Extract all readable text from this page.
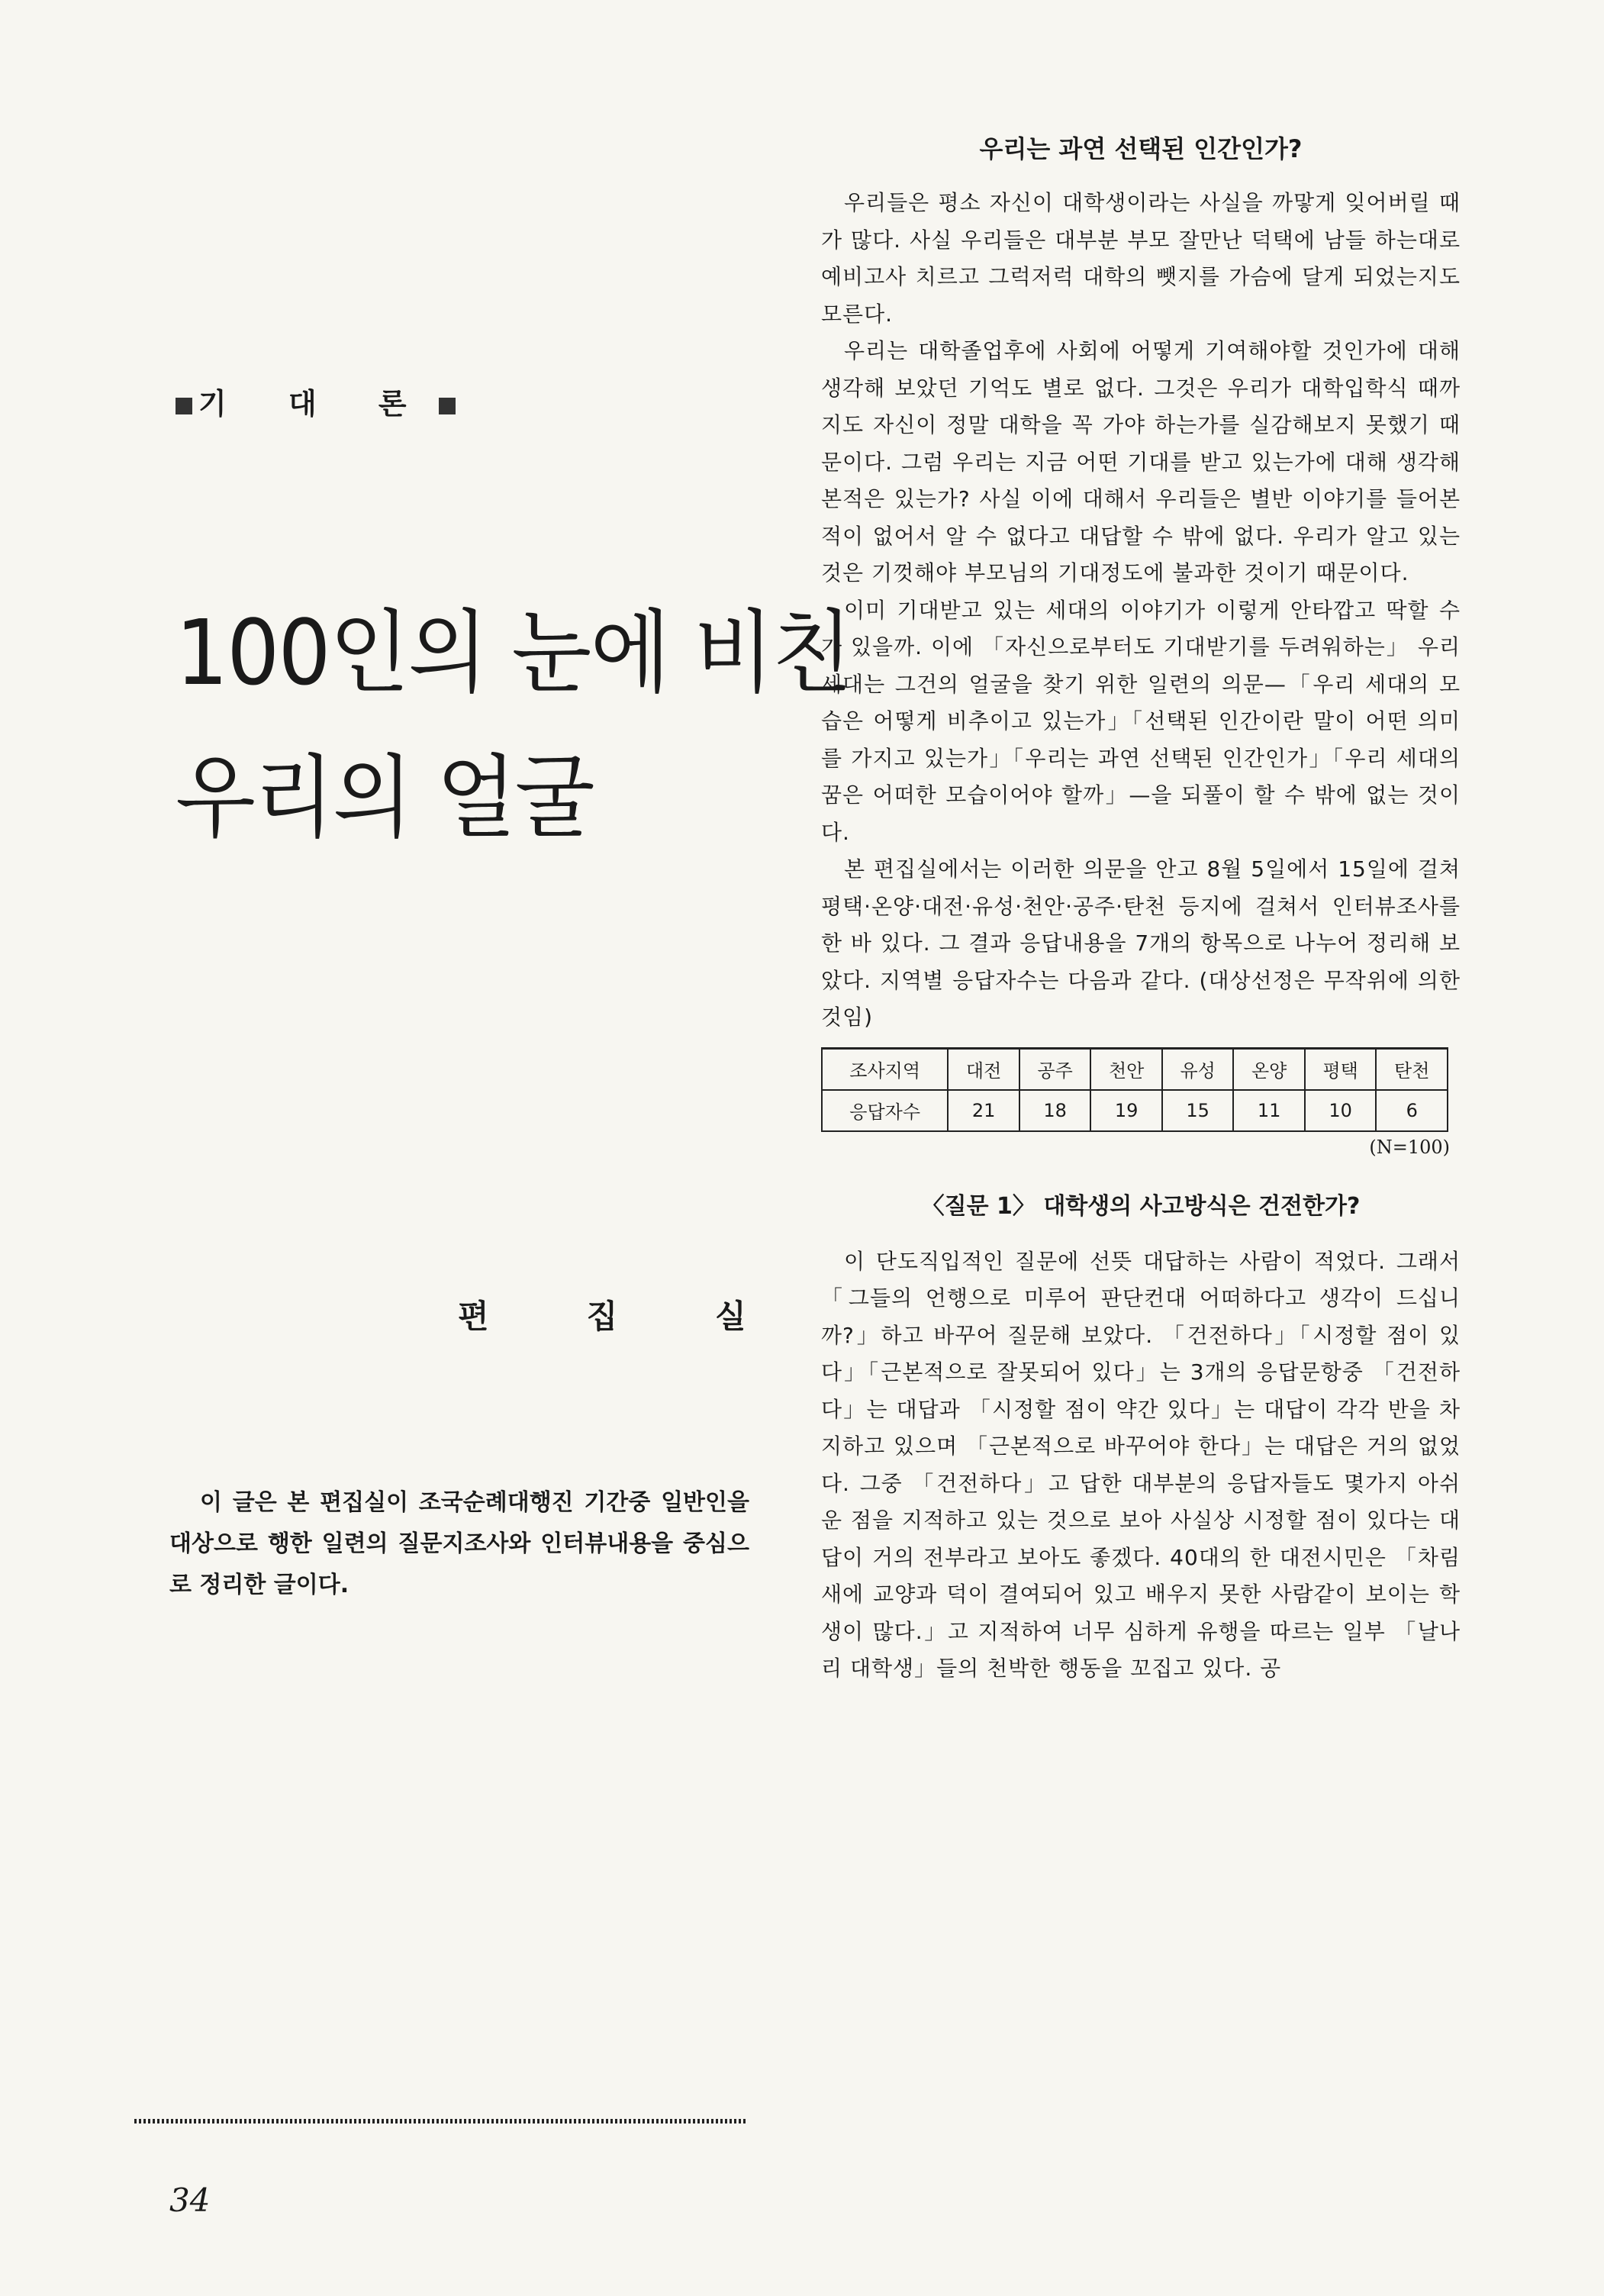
기 대 론
100인의 눈에 비친
우리의 얼굴
편	집	실

이 글은 본 편집실이 조국순례대행진 기간중 일반인을 대상으로 행한 일련의 질문지조사와 인터뷰내용을 중심으로 정리한 글이다.

34
우리는 과연 선택된 인간인가?

우리들은 평소 자신이 대학생이라는 사실을 까맣게 잊어버릴 때가 많다. 사실 우리들은 대부분 부모 잘만난 덕택에 남들 하는대로 예비고사 치르고 그럭저럭 대학의 뺏지를 가슴에 달게 되었는지도 모른다.

우리는 대학졸업후에 사회에 어떻게 기여해야할 것인가에 대해 생각해 보았던 기억도 별로 없다. 그것은 우리가 대학입학식 때까지도 자신이 정말 대학을 꼭 가야 하는가를 실감해보지 못했기 때문이다. 그럼 우리는 지금 어떤 기대를 받고 있는가에 대해 생각해 본적은 있는가? 사실 이에 대해서 우리들은 별반 이야기를 들어본 적이 없어서 알 수 없다고 대답할 수 밖에 없다. 우리가 알고 있는 것은 기껏해야 부모님의 기대정도에 불과한 것이기 때문이다.

이미 기대받고 있는 세대의 이야기가 이렇게 안타깝고 딱할 수가 있을까. 이에 「자신으로부터도 기대받기를 두려워하는」 우리 세대는 그건의 얼굴을 찾기 위한 일련의 의문—「우리 세대의 모습은 어떻게 비추이고 있는가」「선택된 인간이란 말이 어떤 의미를 가지고 있는가」「우리는 과연 선택된 인간인가」「우리 세대의 꿈은 어떠한 모습이어야 할까」—을 되풀이 할 수 밖에 없는 것이다.

본 편집실에서는 이러한 의문을 안고 8월 5일에서 15일에 걸쳐 평택·온양·대전·유성·천안·공주·탄천 등지에 걸쳐서 인터뷰조사를 한 바 있다. 그 결과 응답내용을 7개의 항목으로 나누어 정리해 보았다. 지역별 응답자수는 다음과 같다. (대상선정은 무작위에 의한 것임)

조사지역	대전	공주	천안	유성	온양	평택	탄천
응답자수	21	18	19	15	11	10	6
(N=100)
〈질문 1〉 대학생의 사고방식은 건전한가?

이 단도직입적인 질문에 선뜻 대답하는 사람이 적었다. 그래서 「그들의 언행으로 미루어 판단컨대 어떠하다고 생각이 드십니까?」하고 바꾸어 질문해 보았다. 「건전하다」「시정할 점이 있다」「근본적으로 잘못되어 있다」는 3개의 응답문항중 「건전하다」는 대답과 「시정할 점이 약간 있다」는 대답이 각각 반을 차지하고 있으며 「근본적으로 바꾸어야 한다」는 대답은 거의 없었다. 그중 「건전하다」고 답한 대부분의 응답자들도 몇가지 아쉬운 점을 지적하고 있는 것으로 보아 사실상 시정할 점이 있다는 대답이 거의 전부라고 보아도 좋겠다. 40대의 한 대전시민은 「차림새에 교양과 덕이 결여되어 있고 배우지 못한 사람같이 보이는 학생이 많다.」고 지적하여 너무 심하게 유행을 따르는 일부 「날나리 대학생」들의 천박한 행동을 꼬집고 있다. 공
